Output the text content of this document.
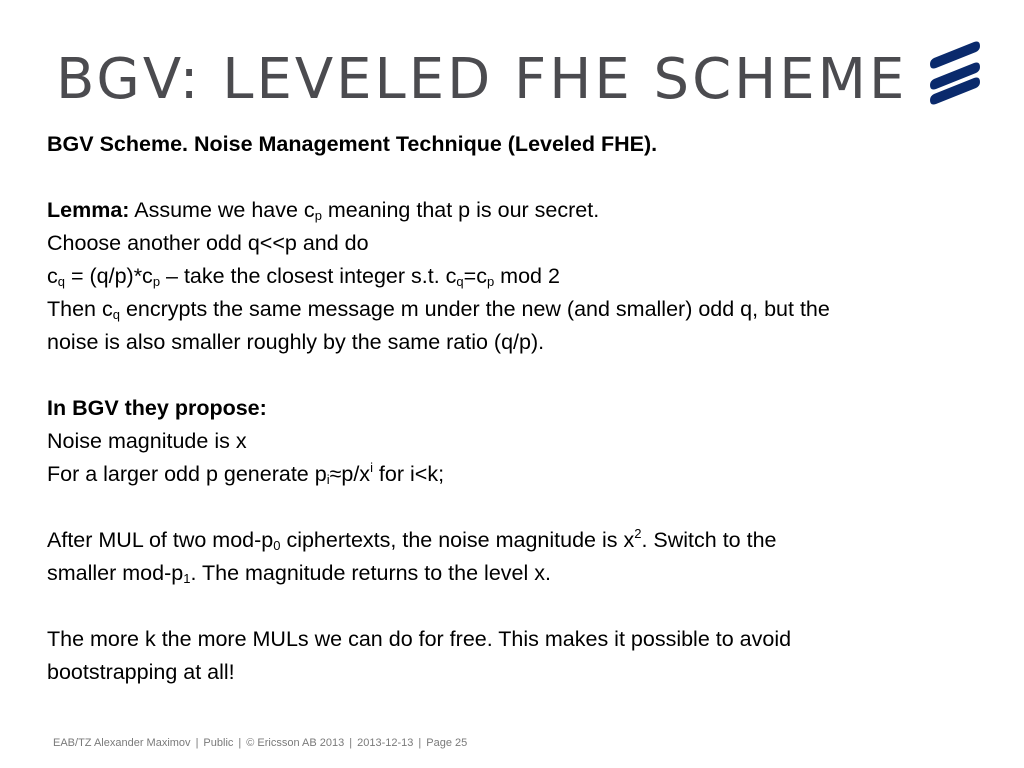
BGV: LEVELED FHE SCHEME
BGV Scheme. Noise Management Technique (Leveled FHE).
Lemma: Assume we have $c_p$ meaning that p is our secret.
Choose another odd q<<p and do
$c_q = (q/p)*c_p$ – take the closest integer s.t. $c_q=c_p$ mod 2
Then $c_q$ encrypts the same message m under the new (and smaller) odd q, but the
noise is also smaller roughly by the same ratio (q/p).
In BGV they propose:
Noise magnitude is x
For a larger odd p generate $p_i\approx p/x^i$ for i<k;
After MUL of two mod-$p_0$ ciphertexts, the noise magnitude is $x^2$. Switch to the
smaller mod-$p_1$. The magnitude returns to the level x.
The more k the more MULs we can do for free. This makes it possible to avoid
bootstrapping at all!
EAB/TZ Alexander Maximov | Public | © Ericsson AB 2013 | 2013-12-13 | Page 25
